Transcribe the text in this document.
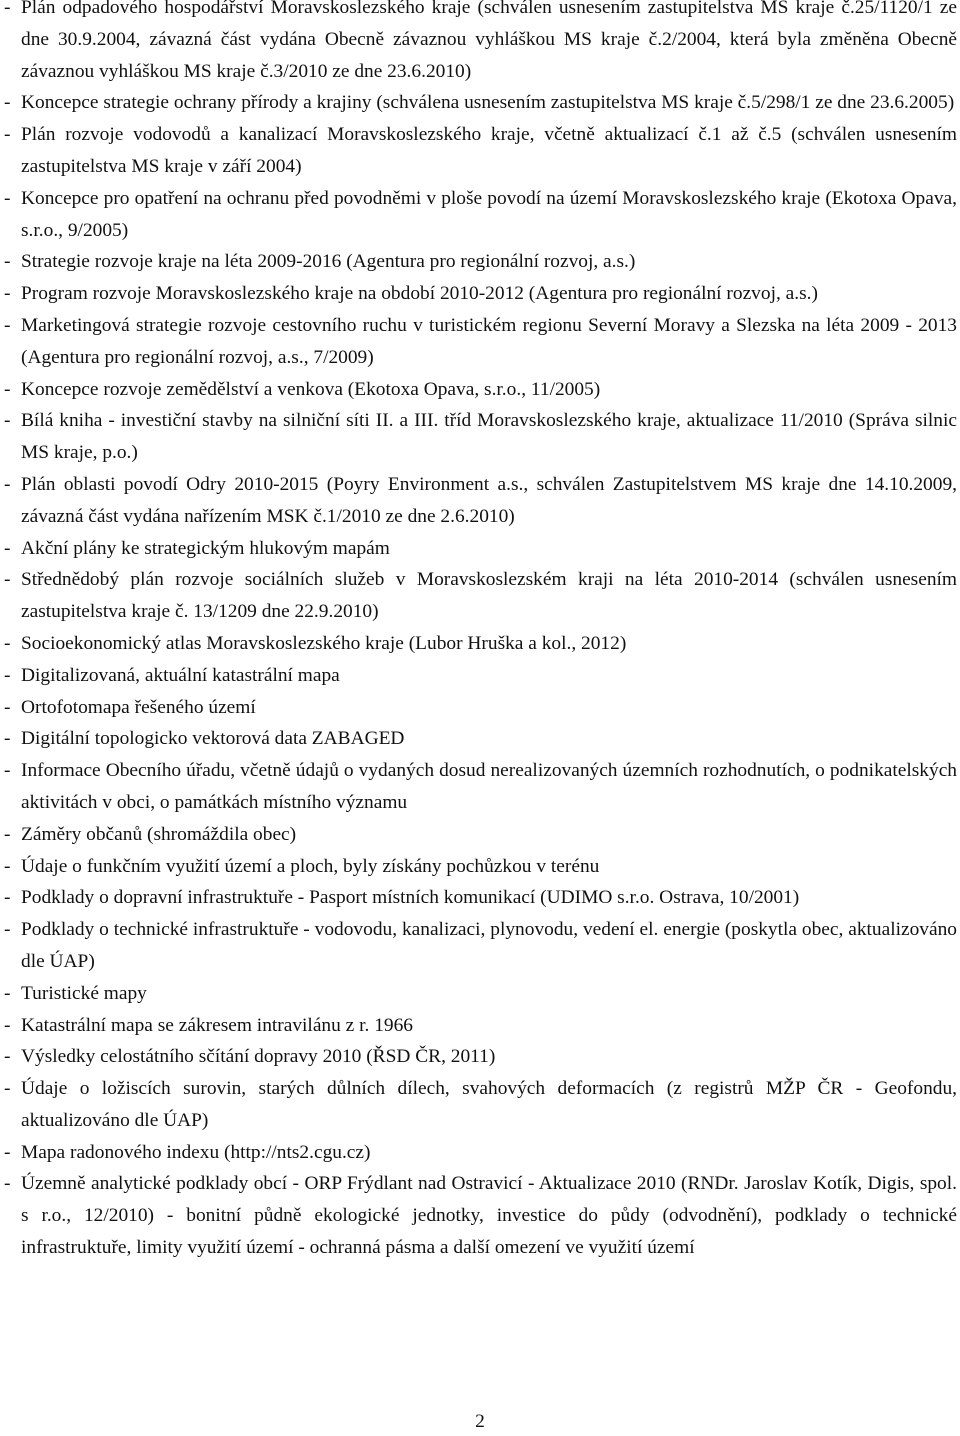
- Plán odpadového hospodářství Moravskoslezského kraje (schválen usnesením zastupitelstva MS kraje č.25/1120/1 ze dne 30.9.2004, závazná část vydána Obecně závaznou vyhláškou MS kraje č.2/2004, která byla změněna Obecně závaznou vyhláškou MS kraje č.3/2010 ze dne 23.6.2010)
- Koncepce strategie ochrany přírody a krajiny (schválena usnesením zastupitelstva MS kraje č.5/298/1 ze dne 23.6.2005)
- Plán rozvoje vodovodů a kanalizací Moravskoslezského kraje, včetně aktualizací č.1 až č.5 (schválen usnesením zastupitelstva MS kraje v září 2004)
- Koncepce pro opatření na ochranu před povodněmi v ploše povodí na území Moravskoslezského kraje (Ekotoxa Opava, s.r.o., 9/2005)
- Strategie rozvoje kraje na léta 2009-2016 (Agentura pro regionální rozvoj, a.s.)
- Program rozvoje Moravskoslezského kraje na období 2010-2012 (Agentura pro regionální rozvoj, a.s.)
- Marketingová strategie rozvoje cestovního ruchu v turistickém regionu Severní Moravy a Slezska na léta 2009 - 2013 (Agentura pro regionální rozvoj, a.s., 7/2009)
- Koncepce rozvoje zemědělství a venkova (Ekotoxa Opava, s.r.o., 11/2005)
- Bílá kniha - investiční stavby na silniční síti II. a III. tříd Moravskoslezského kraje, aktualizace 11/2010 (Správa silnic MS kraje, p.o.)
- Plán oblasti povodí Odry 2010-2015 (Poyry Environment a.s., schválen Zastupitelstvem MS kraje dne 14.10.2009, závazná část vydána nařízením MSK č.1/2010 ze dne 2.6.2010)
- Akční plány ke strategickým hlukovým mapám
- Střednědobý plán rozvoje sociálních služeb v Moravskoslezském kraji na léta 2010-2014 (schválen usnesením zastupitelstva kraje č. 13/1209 dne 22.9.2010)
- Socioekonomický atlas Moravskoslezského kraje (Lubor Hruška a kol., 2012)
- Digitalizovaná, aktuální katastrální mapa
- Ortofotomapa řešeného území
- Digitální topologicko vektorová data ZABAGED
- Informace Obecního úřadu, včetně údajů o vydaných dosud nerealizovaných územních rozhodnutích, o podnikatelských aktivitách v obci, o památkách místního významu
- Záměry občanů (shromáždila obec)
- Údaje o funkčním využití území a ploch, byly získány pochůzkou v terénu
- Podklady o dopravní infrastruktuře - Pasport místních komunikací (UDIMO s.r.o. Ostrava, 10/2001)
- Podklady o technické infrastruktuře - vodovodu, kanalizaci, plynovodu, vedení el. energie (poskytla obec, aktualizováno dle ÚAP)
- Turistické mapy
- Katastrální mapa se zákresem intravilánu z r. 1966
- Výsledky celostátního sčítání dopravy 2010 (ŘSD ČR, 2011)
- Údaje o ložiscích surovin, starých důlních dílech, svahových deformacích (z registrů MŽP ČR - Geofondu, aktualizováno dle ÚAP)
- Mapa radonového indexu (http://nts2.cgu.cz)
- Územně analytické podklady obcí - ORP Frýdlant nad Ostravicí - Aktualizace 2010 (RNDr. Jaroslav Kotík, Digis, spol. s r.o., 12/2010) - bonitní půdně ekologické jednotky, investice do půdy (odvodnění), podklady o technické infrastruktuře, limity využití území - ochranná pásma a další omezení ve využití území
2
